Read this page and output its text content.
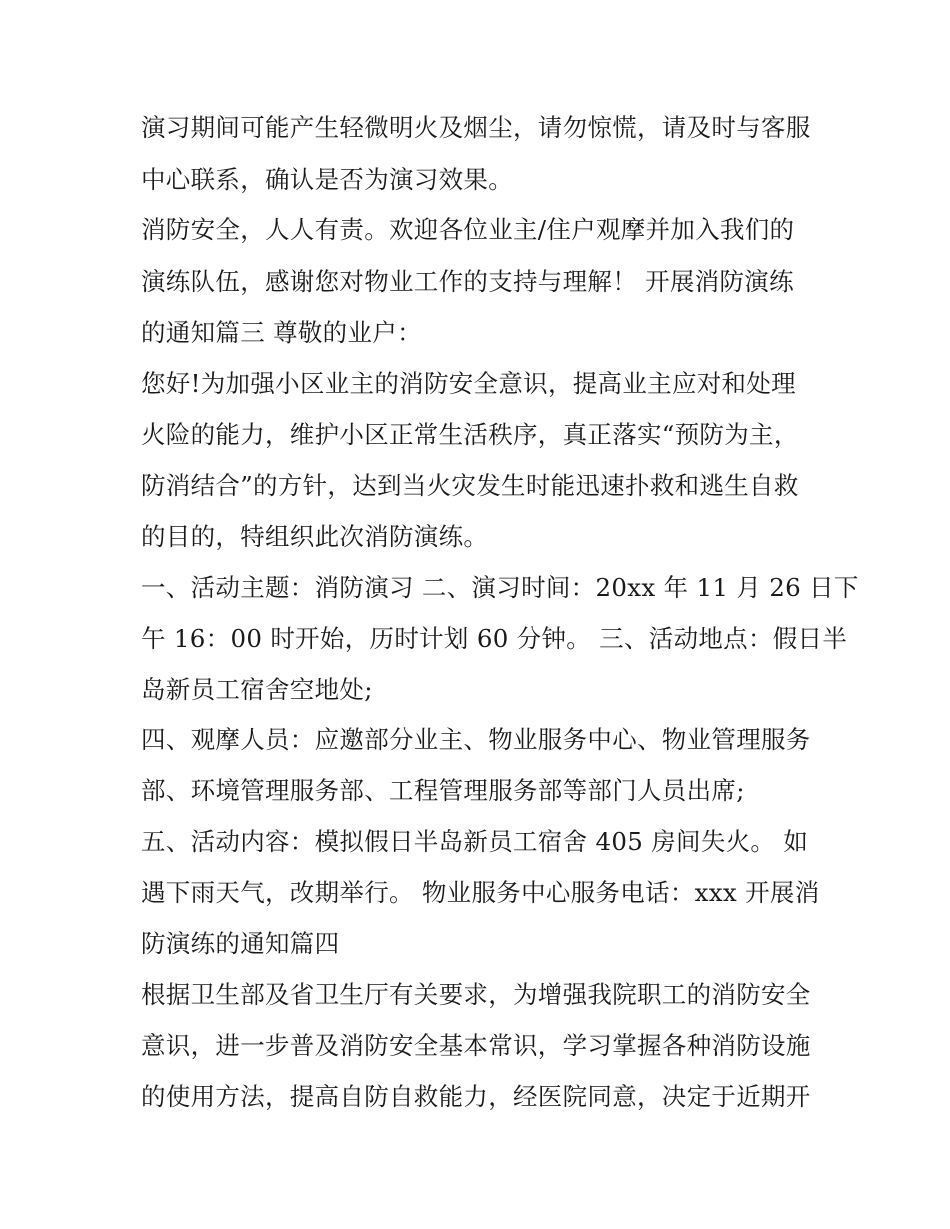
演习期间可能产生轻微明火及烟尘，请勿惊慌，请及时与客服
中心联系，确认是否为演习效果。
消防安全，人人有责。欢迎各位业主/住户观摩并加入我们的
演练队伍，感谢您对物业工作的支持与理解！ 开展消防演练
的通知篇三 尊敬的业户：
您好!为加强小区业主的消防安全意识，提高业主应对和处理
火险的能力，维护小区正常生活秩序，真正落实“预防为主，
防消结合”的方针，达到当火灾发生时能迅速扑救和逃生自救
的目的，特组织此次消防演练。
一、活动主题：消防演习 二、演习时间：20xx 年 11 月 26 日下
午 16：00 时开始，历时计划 60 分钟。 三、活动地点：假日半
岛新员工宿舍空地处;
四、观摩人员：应邀部分业主、物业服务中心、物业管理服务
部、环境管理服务部、工程管理服务部等部门人员出席;
五、活动内容：模拟假日半岛新员工宿舍 405 房间失火。 如
遇下雨天气，改期举行。 物业服务中心服务电话：xxx 开展消
防演练的通知篇四
根据卫生部及省卫生厅有关要求，为增强我院职工的消防安全
意识，进一步普及消防安全基本常识，学习掌握各种消防设施
的使用方法，提高自防自救能力，经医院同意，决定于近期开
